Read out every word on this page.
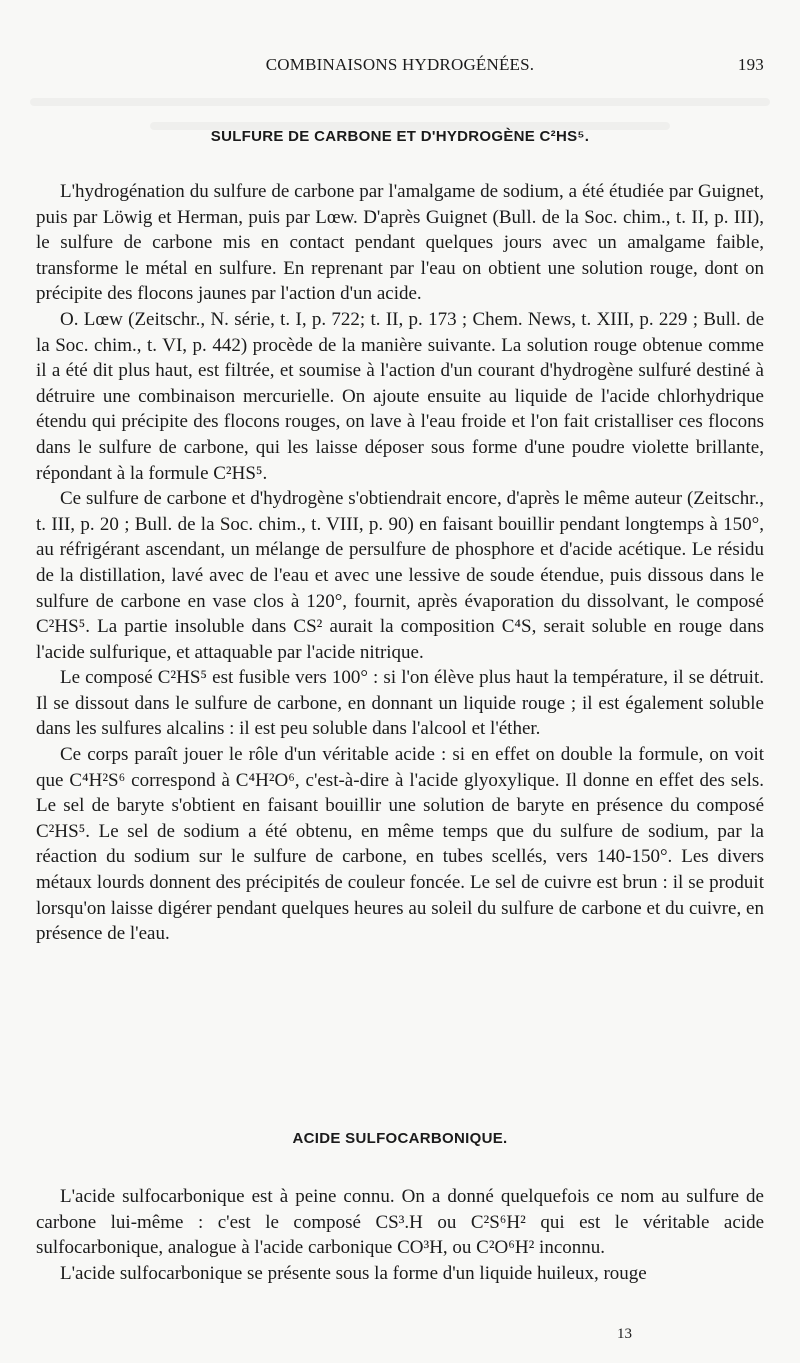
COMBINAISONS HYDROGÉNÉES.	193
SULFURE DE CARBONE ET D'HYDROGÈNE C²HS⁵.

L'hydrogénation du sulfure de carbone par l'amalgame de sodium, a été étudiée par Guignet, puis par Löwig et Herman, puis par Lœw. D'après Guignet (Bull. de la Soc. chim., t. II, p. III), le sulfure de carbone mis en contact pendant quelques jours avec un amalgame faible, transforme le métal en sulfure. En reprenant par l'eau on obtient une solution rouge, dont on précipite des flocons jaunes par l'action d'un acide.

O. Lœw (Zeitschr., N. série, t. I, p. 722; t. II, p. 173 ; Chem. News, t. XIII, p. 229 ; Bull. de la Soc. chim., t. VI, p. 442) procède de la manière suivante. La solution rouge obtenue comme il a été dit plus haut, est filtrée, et soumise à l'action d'un courant d'hydrogène sulfuré destiné à détruire une combinaison mercurielle. On ajoute ensuite au liquide de l'acide chlorhydrique étendu qui précipite des flocons rouges, on lave à l'eau froide et l'on fait cristalliser ces flocons dans le sulfure de carbone, qui les laisse déposer sous forme d'une poudre violette brillante, répondant à la formule C²HS⁵.

Ce sulfure de carbone et d'hydrogène s'obtiendrait encore, d'après le même auteur (Zeitschr., t. III, p. 20 ; Bull. de la Soc. chim., t. VIII, p. 90) en faisant bouillir pendant longtemps à 150°, au réfrigérant ascendant, un mélange de persulfure de phosphore et d'acide acétique. Le résidu de la distillation, lavé avec de l'eau et avec une lessive de soude étendue, puis dissous dans le sulfure de carbone en vase clos à 120°, fournit, après évaporation du dissolvant, le composé C²HS⁵. La partie insoluble dans CS² aurait la composition C⁴S, serait soluble en rouge dans l'acide sulfurique, et attaquable par l'acide nitrique.

Le composé C²HS⁵ est fusible vers 100° : si l'on élève plus haut la température, il se détruit. Il se dissout dans le sulfure de carbone, en donnant un liquide rouge ; il est également soluble dans les sulfures alcalins : il est peu soluble dans l'alcool et l'éther.

Ce corps paraît jouer le rôle d'un véritable acide : si en effet on double la formule, on voit que C⁴H²S⁶ correspond à C⁴H²O⁶, c'est-à-dire à l'acide glyoxylique. Il donne en effet des sels. Le sel de baryte s'obtient en faisant bouillir une solution de baryte en présence du composé C²HS⁵. Le sel de sodium a été obtenu, en même temps que du sulfure de sodium, par la réaction du sodium sur le sulfure de carbone, en tubes scellés, vers 140-150°. Les divers métaux lourds donnent des précipités de couleur foncée. Le sel de cuivre est brun : il se produit lorsqu'on laisse digérer pendant quelques heures au soleil du sulfure de carbone et du cuivre, en présence de l'eau.

ACIDE SULFOCARBONIQUE.

L'acide sulfocarbonique est à peine connu. On a donné quelquefois ce nom au sulfure de carbone lui-même : c'est le composé CS³.H ou C²S⁶H² qui est le véritable acide sulfocarbonique, analogue à l'acide carbonique CO³H, ou C²O⁶H² inconnu.

L'acide sulfocarbonique se présente sous la forme d'un liquide huileux, rouge

13
